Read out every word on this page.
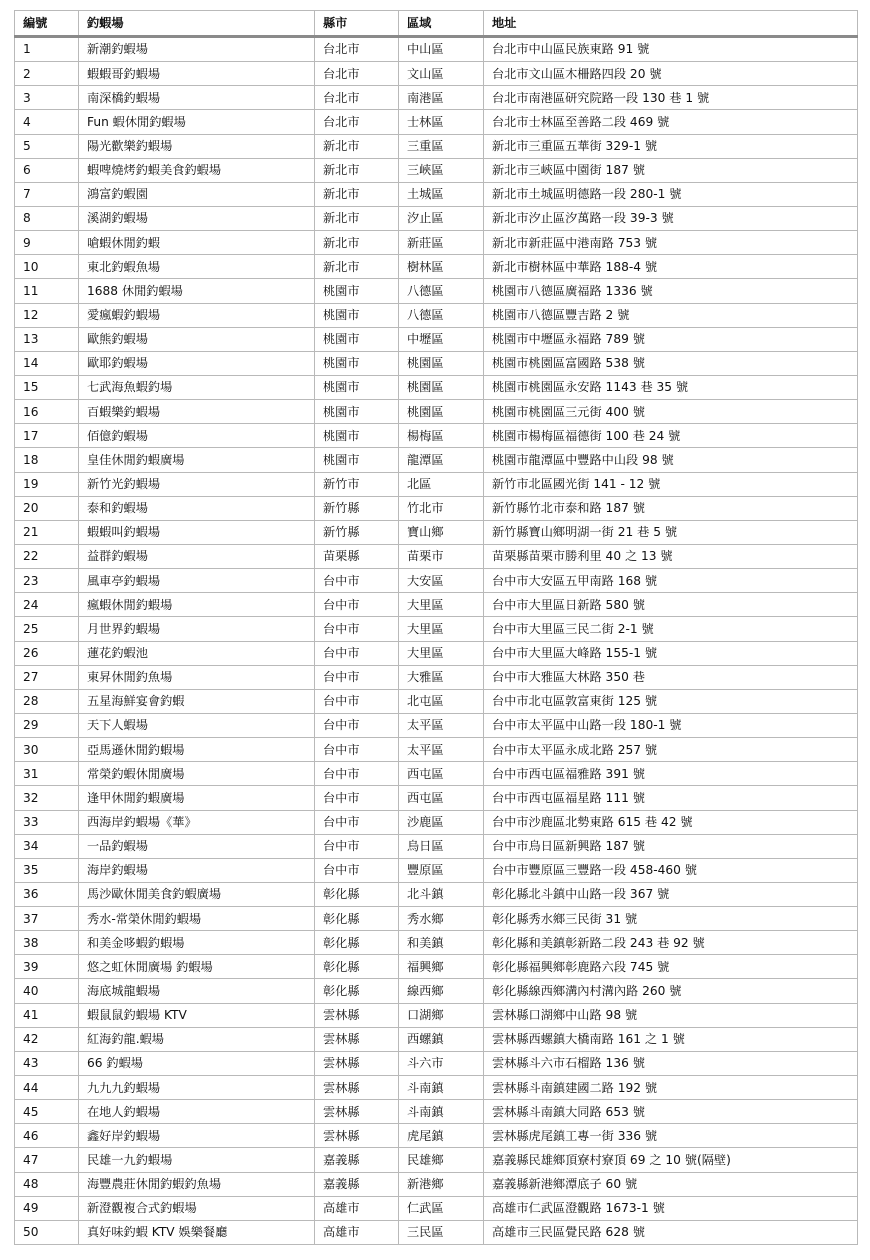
編號	釣蝦場	縣市	區域	地址
1	新潮釣蝦場	台北市	中山區	台北市中山區民族東路 91 號
2	蝦蝦哥釣蝦場	台北市	文山區	台北市文山區木柵路四段 20 號
3	南深橋釣蝦場	台北市	南港區	台北市南港區研究院路一段 130 巷 1 號
4	Fun 蝦休閒釣蝦場	台北市	士林區	台北市士林區至善路二段 469 號
5	陽光歡樂釣蝦場	新北市	三重區	新北市三重區五華街 329-1 號
6	蝦啤燒烤釣蝦美食釣蝦場	新北市	三峽區	新北市三峽區中園街 187 號
7	鴻富釣蝦園	新北市	土城區	新北市土城區明德路一段 280-1 號
8	溪湖釣蝦場	新北市	汐止區	新北市汐止區汐萬路一段 39-3 號
9	嗆蝦休閒釣蝦	新北市	新莊區	新北市新莊區中港南路 753 號
10	東北釣蝦魚場	新北市	樹林區	新北市樹林區中華路 188-4 號
11	1688 休閒釣蝦場	桃園市	八德區	桃園市八德區廣福路 1336 號
12	愛瘋蝦釣蝦場	桃園市	八德區	桃園市八德區豐吉路 2 號
13	歐熊釣蝦場	桃園市	中壢區	桃園市中壢區永福路 789 號
14	歐耶釣蝦場	桃園市	桃園區	桃園市桃園區富國路 538 號
15	七武海魚蝦釣場	桃園市	桃園區	桃園市桃園區永安路 1143 巷 35 號
16	百蝦樂釣蝦場	桃園市	桃園區	桃園市桃園區三元街 400 號
17	佰億釣蝦場	桃園市	楊梅區	桃園市楊梅區福德街 100 巷 24 號
18	皇佳休閒釣蝦廣場	桃園市	龍潭區	桃園市龍潭區中豐路中山段 98 號
19	新竹光釣蝦場	新竹市	北區	新竹市北區國光街 141 - 12 號
20	泰和釣蝦場	新竹縣	竹北市	新竹縣竹北市泰和路 187 號
21	蝦蝦叫釣蝦場	新竹縣	寶山鄉	新竹縣寶山鄉明湖一街 21 巷 5 號
22	益群釣蝦場	苗栗縣	苗栗市	苗栗縣苗栗市勝利里 40 之 13 號
23	風車亭釣蝦場	台中市	大安區	台中市大安區五甲南路 168 號
24	瘋蝦休閒釣蝦場	台中市	大里區	台中市大里區日新路 580 號
25	月世界釣蝦場	台中市	大里區	台中市大里區三民二街 2-1 號
26	蓮花釣蝦池	台中市	大里區	台中市大里區大峰路 155-1 號
27	東昇休閒釣魚場	台中市	大雅區	台中市大雅區大林路 350 巷
28	五星海鮮宴會釣蝦	台中市	北屯區	台中市北屯區敦富東街 125 號
29	天下人蝦場	台中市	太平區	台中市太平區中山路一段 180-1 號
30	亞馬遜休閒釣蝦場	台中市	太平區	台中市太平區永成北路 257 號
31	常榮釣蝦休閒廣場	台中市	西屯區	台中市西屯區福雅路 391 號
32	逢甲休閒釣蝦廣場	台中市	西屯區	台中市西屯區福星路 111 號
33	西海岸釣蝦場《華》	台中市	沙鹿區	台中市沙鹿區北勢東路 615 巷 42 號
34	一品釣蝦場	台中市	烏日區	台中市烏日區新興路 187 號
35	海岸釣蝦場	台中市	豐原區	台中市豐原區三豐路一段 458-460 號
36	馬沙歐休閒美食釣蝦廣場	彰化縣	北斗鎮	彰化縣北斗鎮中山路一段 367 號
37	秀水-常榮休閒釣蝦場	彰化縣	秀水鄉	彰化縣秀水鄉三民街 31 號
38	和美金哆蝦釣蝦場	彰化縣	和美鎮	彰化縣和美鎮彰新路二段 243 巷 92 號
39	悠之虹休閒廣場 釣蝦場	彰化縣	福興鄉	彰化縣福興鄉彰鹿路六段 745 號
40	海底城龍蝦場	彰化縣	線西鄉	彰化縣線西鄉溝內村溝內路 260 號
41	蝦鼠鼠釣蝦場 KTV	雲林縣	口湖鄉	雲林縣口湖鄉中山路 98 號
42	紅海釣龍.蝦場	雲林縣	西螺鎮	雲林縣西螺鎮大橋南路 161 之 1 號
43	66 釣蝦場	雲林縣	斗六市	雲林縣斗六市石榴路 136 號
44	九九九釣蝦場	雲林縣	斗南鎮	雲林縣斗南鎮建國二路 192 號
45	在地人釣蝦場	雲林縣	斗南鎮	雲林縣斗南鎮大同路 653 號
46	鑫好岸釣蝦場	雲林縣	虎尾鎮	雲林縣虎尾鎮工專一街 336 號
47	民雄一九釣蝦場	嘉義縣	民雄鄉	嘉義縣民雄鄉頂寮村寮頂 69 之 10 號(隔壁)
48	海豐農莊休閒釣蝦釣魚場	嘉義縣	新港鄉	嘉義縣新港鄉潭底子 60 號
49	新澄觀複合式釣蝦場	高雄市	仁武區	高雄市仁武區澄觀路 1673-1 號
50	真好味釣蝦 KTV 娛樂餐廳	高雄市	三民區	高雄市三民區覺民路 628 號
